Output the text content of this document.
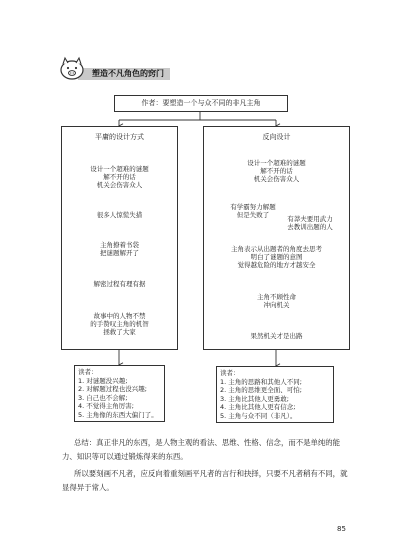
塑造不凡角色的窍门
作者：要塑造一个与众不同的非凡主角
平庸的设计方式
设计一个超难的谜题
解不开的话
机关会伤害众人
很多人惊慌失措
主角撩着书袋
把谜题解开了
解密过程有理有据
故事中的人物不禁
的手赞叹主角的机智
拯救了大家
反向设计
设计一个超难的谜题
解不开的话
机关会伤害众人
有学霸努力解题
但是失败了	有莽夫要用武力
去教训出题的人
主角表示从出题者的角度去思考
明白了谜题的意图
觉得越危险的地方才越安全
主角不顾性命
冲向机关
果然机关才是出路
读者：
1. 对谜题没兴趣;
2. 对解题过程也没兴趣;
3. 自己也不会解;
4. 不觉得主角厉害;
5. 主角像的东西大偏门了。
读者：
1. 主角的思路和其他人不同;
2. 主角的思维更全面、可怕;
3. 主角比其他人更勇敢;
4. 主角比其他人更有信念;
5. 主角与众不同（非凡）。
总结：真正非凡的东西，是人物主观的看法、思维、性格、信念，而不是单纯的能力、知识等可以通过锻炼得来的东西。
所以要刻画不凡者，应反向着重刻画平凡者的言行和抉择，只要不凡者稍有不同，就显得异于常人。
85
